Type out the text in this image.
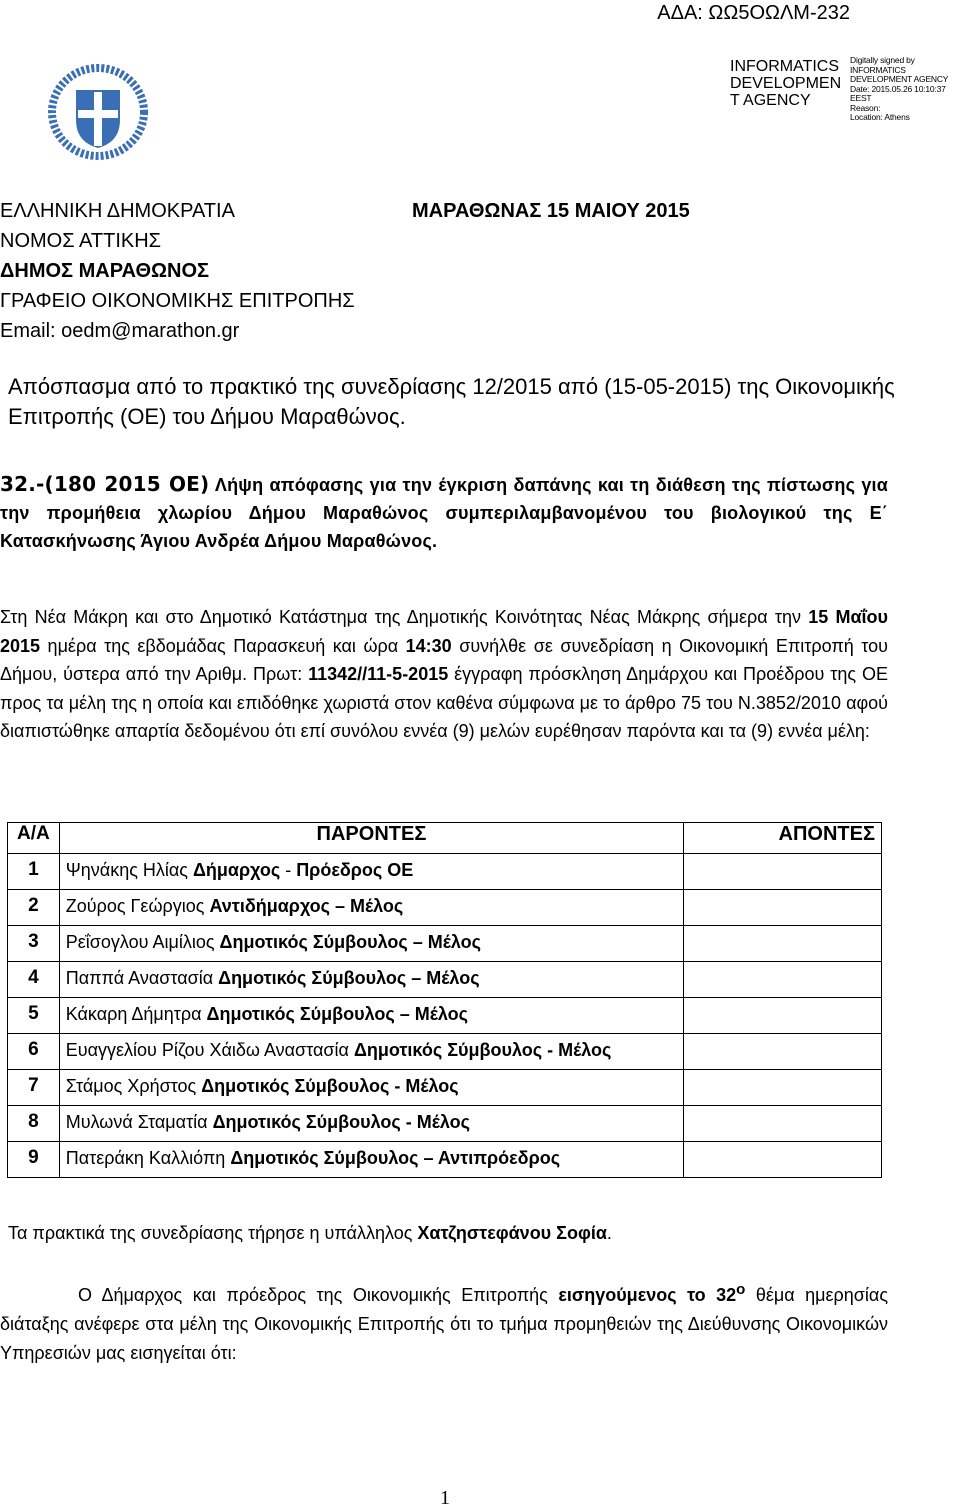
ΑΔΑ: ΩΩ5ΟΩΛΜ-232
INFORMATICS
DEVELOPMEN
T AGENCY
Digitally signed by
INFORMATICS
DEVELOPMENT AGENCY
Date: 2015.05.26 10:10:37
EEST
Reason:
Location: Athens
ΕΛΛΗΝΙΚΗ ΔΗΜΟΚΡΑΤΙΑ	ΜΑΡΑΘΩΝΑΣ 15 ΜΑΙΟΥ 2015
ΝΟΜΟΣ ΑΤΤΙΚΗΣ
ΔΗΜΟΣ ΜΑΡΑΘΩΝΟΣ
ΓΡΑΦΕΙΟ ΟΙΚΟΝΟΜΙΚΗΣ ΕΠΙΤΡΟΠΗΣ
Email: oedm@marathon.gr
Απόσπασμα από το πρακτικό της συνεδρίασης 12/2015 από (15-05-2015) της Οικονομικής Επιτροπής (ΟΕ) του Δήμου Μαραθώνος.
32.-(180 2015 ΟΕ) Λήψη απόφασης για την έγκριση δαπάνης και τη διάθεση της πίστωσης για την προμήθεια χλωρίου Δήμου Μαραθώνος συμπεριλαμβανομένου του βιολογικού της Ε΄ Κατασκήνωσης Άγιου Ανδρέα Δήμου Μαραθώνος.
Στη Νέα Μάκρη και στο Δημοτικό Κατάστημα της Δημοτικής Κοινότητας Νέας Μάκρης σήμερα την 15 Μαΐου 2015 ημέρα της εβδομάδας Παρασκευή και ώρα 14:30 συνήλθε σε συνεδρίαση η Οικονομική Επιτροπή του Δήμου, ύστερα από την Αριθμ. Πρωτ: 11342//11-5-2015 έγγραφη πρόσκληση Δημάρχου και Προέδρου της ΟΕ προς τα μέλη της η οποία και επιδόθηκε χωριστά στον καθένα σύμφωνα με το άρθρο 75 του Ν.3852/2010 αφού διαπιστώθηκε απαρτία δεδομένου ότι επί συνόλου εννέα (9) μελών ευρέθησαν παρόντα και τα (9) εννέα μέλη:
Α/Α	ΠΑΡΟΝΤΕΣ	ΑΠΟΝΤΕΣ
1	Ψηνάκης Ηλίας Δήμαρχος - Πρόεδρος ΟΕ	
2	Ζούρος Γεώργιος Αντιδήμαρχος – Μέλος	
3	Ρεΐσογλου Αιμίλιος Δημοτικός Σύμβουλος – Μέλος	
4	Παππά Αναστασία Δημοτικός Σύμβουλος – Μέλος	
5	Κάκαρη Δήμητρα Δημοτικός Σύμβουλος – Μέλος	
6	Ευαγγελίου Ρίζου Χάιδω Αναστασία Δημοτικός Σύμβουλος - Μέλος	
7	Στάμος Χρήστος Δημοτικός Σύμβουλος - Μέλος	
8	Μυλωνά Σταματία Δημοτικός Σύμβουλος - Μέλος	
9	Πατεράκη Καλλιόπη Δημοτικός Σύμβουλος – Αντιπρόεδρος	
Τα πρακτικά της συνεδρίασης τήρησε η υπάλληλος Χατζηστεφάνου Σοφία.
Ο Δήμαρχος και πρόεδρος της Οικονομικής Επιτροπής εισηγούμενος το $32^o$ θέμα ημερησίας διάταξης ανέφερε στα μέλη της Οικονομικής Επιτροπής ότι το τμήμα προμηθειών της Διεύθυνσης Οικονομικών Υπηρεσιών μας εισηγείται ότι:
1
